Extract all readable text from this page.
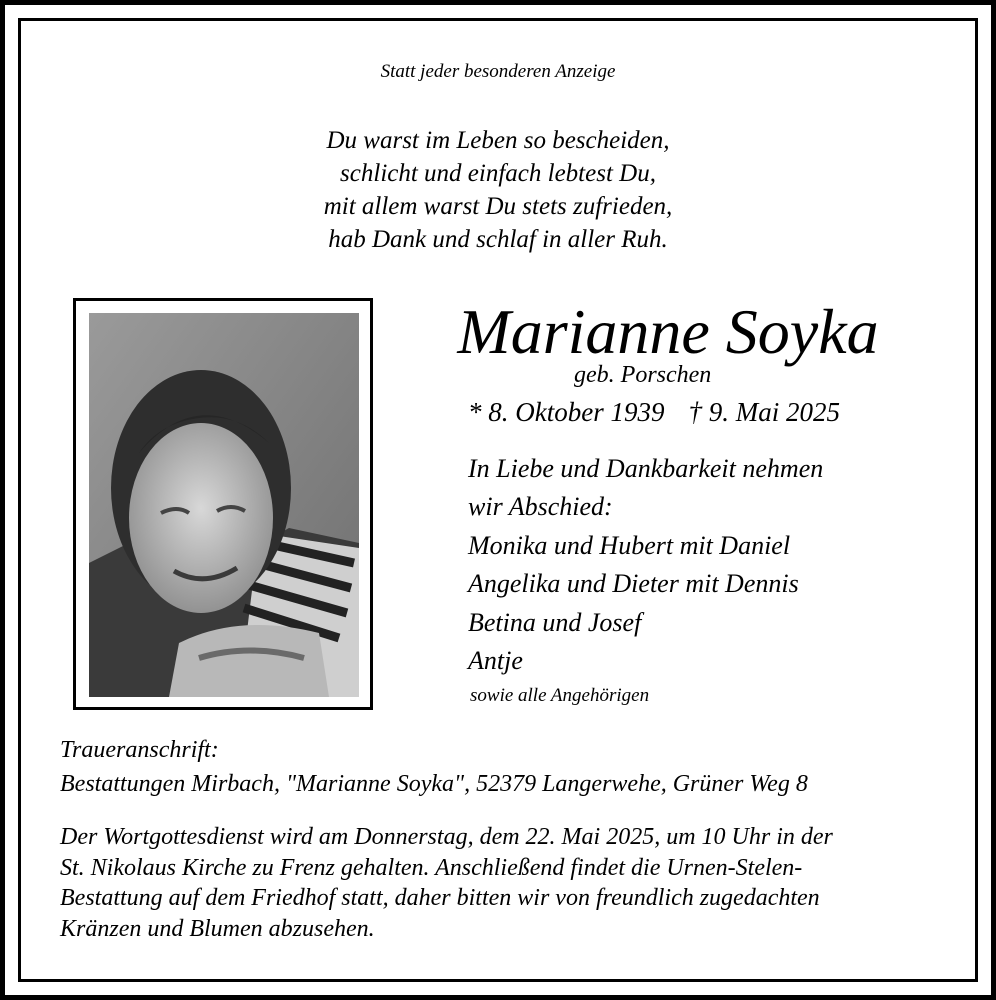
Statt jeder besonderen Anzeige
Du warst im Leben so bescheiden,
schlicht und einfach lebtest Du,
mit allem warst Du stets zufrieden,
hab Dank und schlaf in aller Ruh.
Marianne Soyka
geb. Porschen
* 8. Oktober 1939 † 9. Mai 2025
In Liebe und Dankbarkeit nehmen
wir Abschied:
Monika und Hubert mit Daniel
Angelika und Dieter mit Dennis
Betina und Josef
Antje
sowie alle Angehörigen
Traueranschrift:
Bestattungen Mirbach, "Marianne Soyka", 52379 Langerwehe, Grüner Weg 8
Der Wortgottesdienst wird am Donnerstag, dem 22. Mai 2025, um 10 Uhr in der
St. Nikolaus Kirche zu Frenz gehalten. Anschließend findet die Urnen-Stelen-
Bestattung auf dem Friedhof statt, daher bitten wir von freundlich zugedachten
Kränzen und Blumen abzusehen.
